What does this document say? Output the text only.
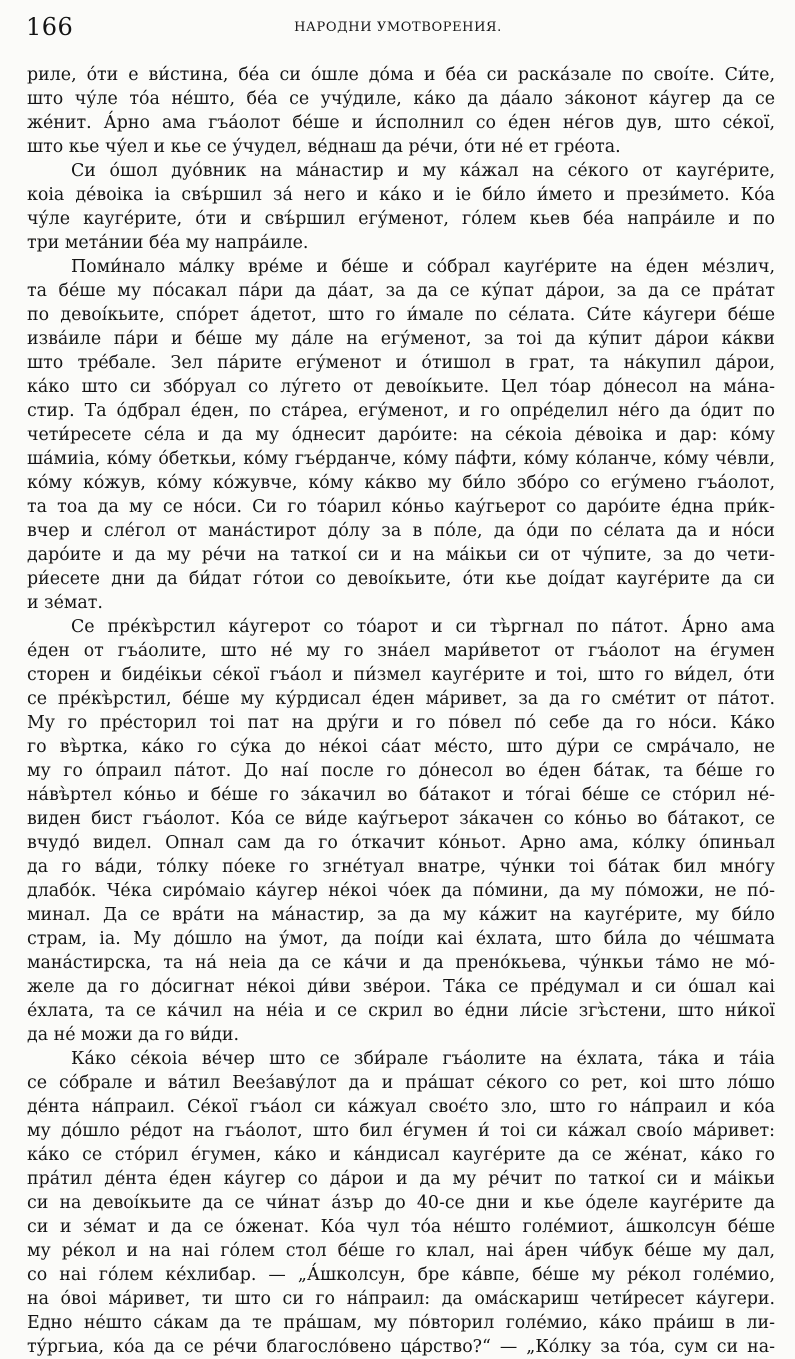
166	НАРОДНИ УМОТВОРЕНИЯ.
риле, о́ти е ви́стина, бе́а си о́шле до́ма и бе́а си раска́зале по своі́те. Си́те,
што чу́ле то́а не́што, бе́а се учу́диле, ка́ко да да́ало за́конот ка́угер да се
же́нит. А́рно ама гъа́олот бе́ше и и́сполнил со е́ден не́гов дув, што се́кої,
што кье чу́ел и кье се у́чудел, ве́днаш да ре́чи, о́ти не́ ет гре́ота.
Си о́шол дуо́вник на ма́настир и му ка́жал на се́кого от кауге́рите,
коіа де́воіка іа свъ́ршил за́ него и ка́ко и іе би́ло и́мето и прези́мето. Ко́а
чу́ле кауге́рите, о́ти и свъ́ршил егу́менот, го́лем кьев бе́а напра́иле и по
три мета́нии бе́а му напра́иле.
Поми́нало ма́лку вре́ме и бе́ше и со́брал кауґе́рите на е́ден ме́злич,
та бе́ше му по́сакал па́ри да да́ат, за да се ку́пат да́рои, за да се пра́тат
по девоі́кьите, спо́рет а́детот, што го и́мале по се́лата. Си́те ка́угери бе́ше
изва́иле па́ри и бе́ше му да́ле на егу́менот, за тоі да ку́пит да́рои ка́кви
што тре́бале. Зел па́рите егу́менот и о́тишол в грат, та на́купил да́рои,
ка́ко што си збо́руал со лу́гето от девоі́кьите. Цел то́ар до́несол на ма́на-
стир. Та о́дбрал е́ден, по ста́реа, егу́менот, и го опре́делил не́го да о́дит по
чети́ресете се́ла и да му о́днесит даро́ите: на се́коіа де́воіка и дар: ко́му
ша́миіа, ко́му о́беткьи, ко́му гъе́рданче, ко́му па́фти, ко́му ко́ланче, ко́му че́вли,
ко́му ко́жув, ко́му ко́жувче, ко́му ка́кво му би́ло збо́ро со егу́мено гъа́олот,
та тоа да му се но́си. Си го то́арил ко́ньо кау́гьерот со даро́ите е́дна при́к-
вчер и сле́гол от мана́стирот до́лу за в по́ле, да о́ди по се́лата да и но́си
даро́ите и да му ре́чи на таткоі́ си и на ма́ікьи си от чу́пите, за до чети-
ри́есете дни да би́дат го́тои со девоі́кьите, о́ти кье доі́дат кауге́рите да си
и зе́мат.
Се пре́къ̀рстил ка́угерот со то́арот и си тъ̀ргнал по па́тот. А́рно ама
е́ден от гъа́олите, што не́ му го зна́ел мари́ветот от гъа́олот на е́гумен
сторен и биде́ікьи се́кої гъа́ол и пи́змел кауге́рите и тоі, што го ви́дел, о́ти
се пре́къ̀рстил, бе́ше му ку́рдисал е́ден ма́ривет, за да го сме́тит от па́тот.
Му го пре́сторил тоі пат на дру́ги и го по́вел по́ себе да го но́си. Ка́ко
го въ̀ртка, ка́ко го су́ка до не́коі са́ат ме́сто, што ду́ри се смра́чало, не
му го о́праил па́тот. До наі́ после го до́несол во е́ден ба́так, та бе́ше го
на́въ̀ртел ко́ньо и бе́ше го за́качил во ба́такот и то́гаі бе́ше се сто́рил не́-
виден бист гъа́олот. Ко́а се ви́де кау́гьерот за́качен со ко́ньо во ба́такот, се
вчудо́ видел. Опнал сам да го о́ткачит ко́ньот. Арно ама, ко́лку о́пиньал
да го ва́ди, то́лку по́еке го згне́туал внатре, чу́нки тоі ба́так бил мно́гу
длабо́к. Че́ка сиро́маіо ка́угер не́коі чо́ек да по́мини, да му по́можи, не по́-
минал. Да се вра́ти на ма́настир, за да му ка́жит на кауге́рите, му би́ло
страм, іа. Му до́шло на у́мот, да поі́ди каі е́хлата, што би́ла до че́шмата
мана́стирска, та на́ неіа да се ка́чи и да прено́кьева, чу́нкьи та́мо не мо́-
желе да го до́сигнат не́коі ди́ви зве́рои. Та́ка се пре́думал и си о́шал каі
е́хлата, та се ка́чил на не́іа и се скрил во е́дни ли́сіе згъ̀стени, што ни́кої
да не́ можи да го ви́ди.
Ка́ко се́коіа ве́чер што се зби́рале гъа́олите на е́хлата, та́ка и та́іа
се со́брале и ва́тил Веез́аву́лот да и пра́шат се́кого со рет, коі што ло́шо
де́нта на́праил. Се́кої гъа́ол си ка́жуал своє́то зло, што го на́праил и ко́а
му до́шло ре́дот на гъа́олот, што бил е́гумен и́ тоі си ка́жал своі́о ма́ривет:
ка́ко се сто́рил е́гумен, ка́ко и ка́ндисал кауге́рите да се же́нат, ка́ко го
пра́тил де́нта е́ден ка́угер со да́рои и да му ре́чит по таткоі́ си и ма́ікьи
си на девоі́кьите да се чи́нат а́зър до 40-се дни и кье о́деле кауге́рите да
си и зе́мат и да се о́женат. Ко́а чул то́а не́што голе́миот, а́школсун бе́ше
му ре́кол и на наі го́лем стол бе́ше го клал, наі а́рен чи́бук бе́ше му дал,
со наі го́лем ке́хлибар. — „А́школсун, бре ка́впе, бе́ше му ре́кол голе́миo,
на о́воі ма́ривет, ти што си го на́праил: да ома́скариш чети́ресет ка́угери.
Едно не́што са́кам да те пра́шам, му по́вторил голе́мио, ка́ко пра́иш в ли-
ту́ргьиа, ко́а да се ре́чи благосло́вено ца́рство?“ — „Ко́лку за то́а, сум си на-
